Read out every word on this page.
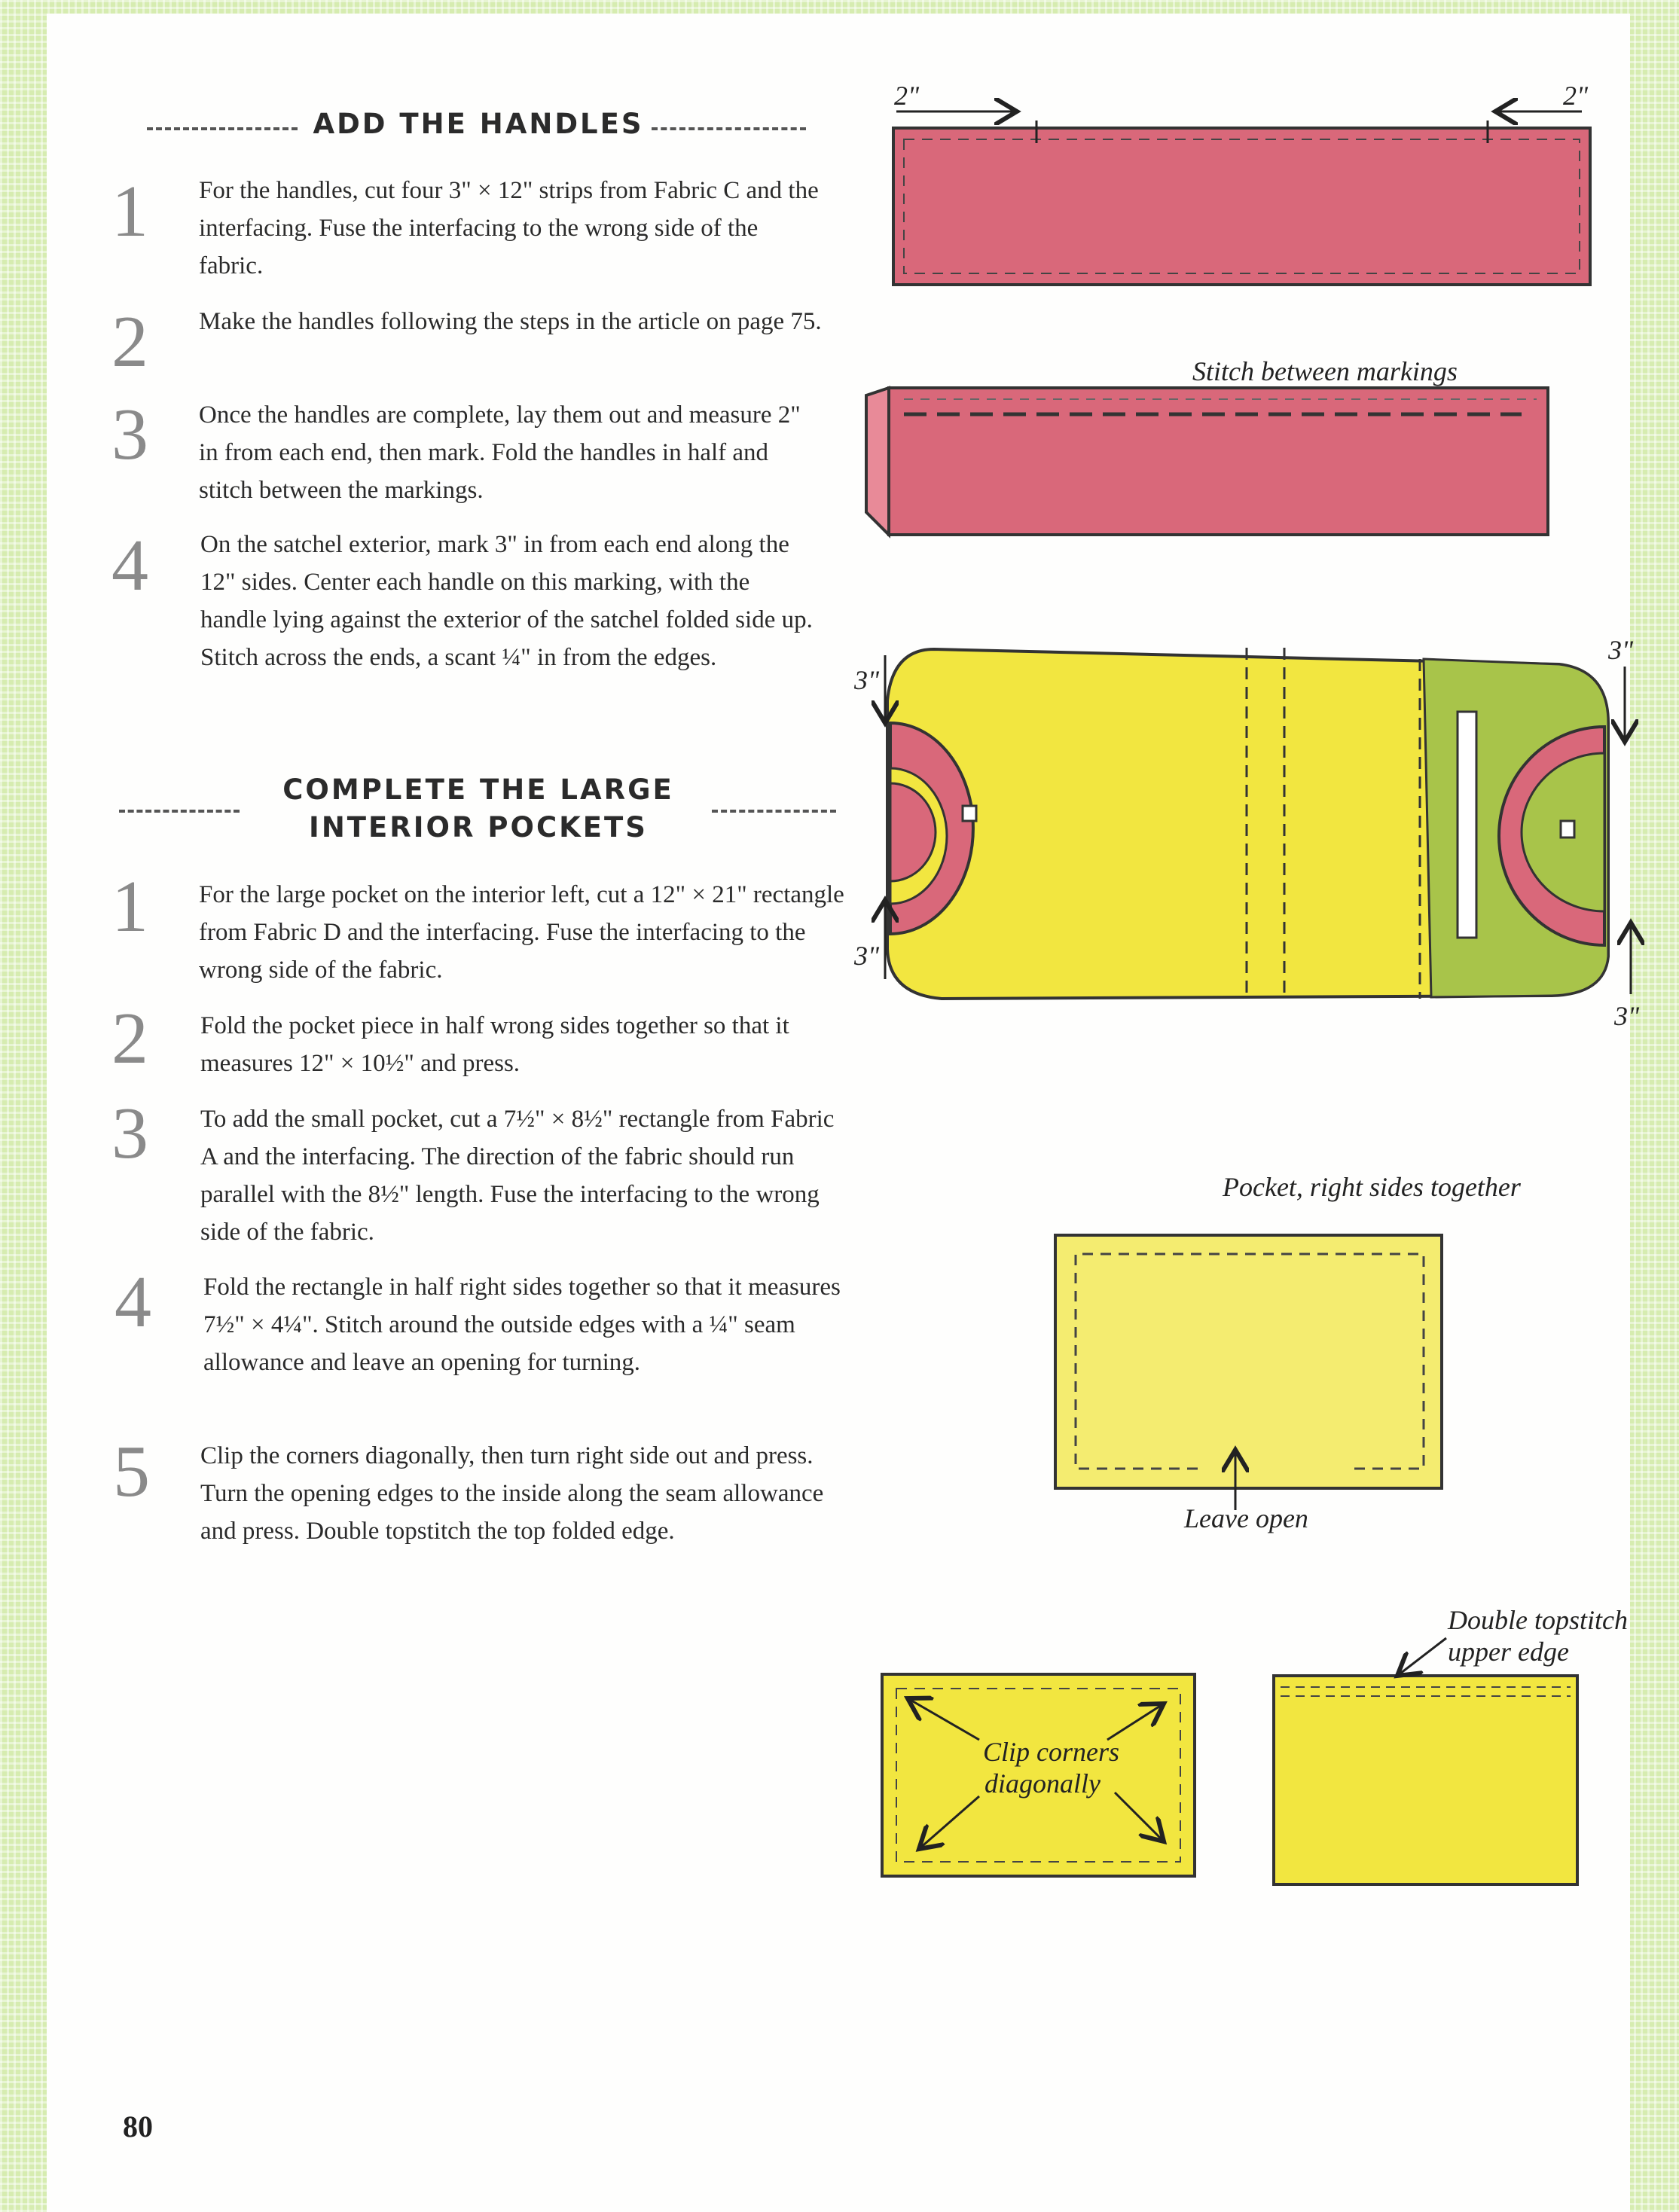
ADD THE HANDLES
1 For the handles, cut four 3" × 12" strips from Fabric C and the interfacing. Fuse the interfacing to the wrong side of the fabric.
2 Make the handles following the steps in the article on page 75.
3 Once the handles are complete, lay them out and measure 2" in from each end, then mark. Fold the handles in half and stitch between the markings.
4 On the satchel exterior, mark 3" in from each end along the 12" sides. Center each handle on this marking, with the handle lying against the exterior of the satchel folded side up. Stitch across the ends, a scant ¼" in from the edges.
COMPLETE THE LARGE
INTERIOR POCKETS
1 For the large pocket on the interior left, cut a 12" × 21" rectangle from Fabric D and the interfacing. Fuse the interfacing to the wrong side of the fabric.
2 Fold the pocket piece in half wrong sides together so that it measures 12" × 10½" and press.
3 To add the small pocket, cut a 7½" × 8½" rectangle from Fabric A and the interfacing. The direction of the fabric should run parallel with the 8½" length. Fuse the interfacing to the wrong side of the fabric.
4 Fold the rectangle in half right sides together so that it measures 7½" × 4¼". Stitch around the outside edges with a ¼" seam allowance and leave an opening for turning.
5 Clip the corners diagonally, then turn right side out and press. Turn the opening edges to the inside along the seam allowance and press. Double topstitch the top folded edge.
2"	2"
Stitch between markings
3"
3"
3"
3"
Pocket, right sides together
Leave open
Clip corners
diagonally
Double topstitch
upper edge
80
